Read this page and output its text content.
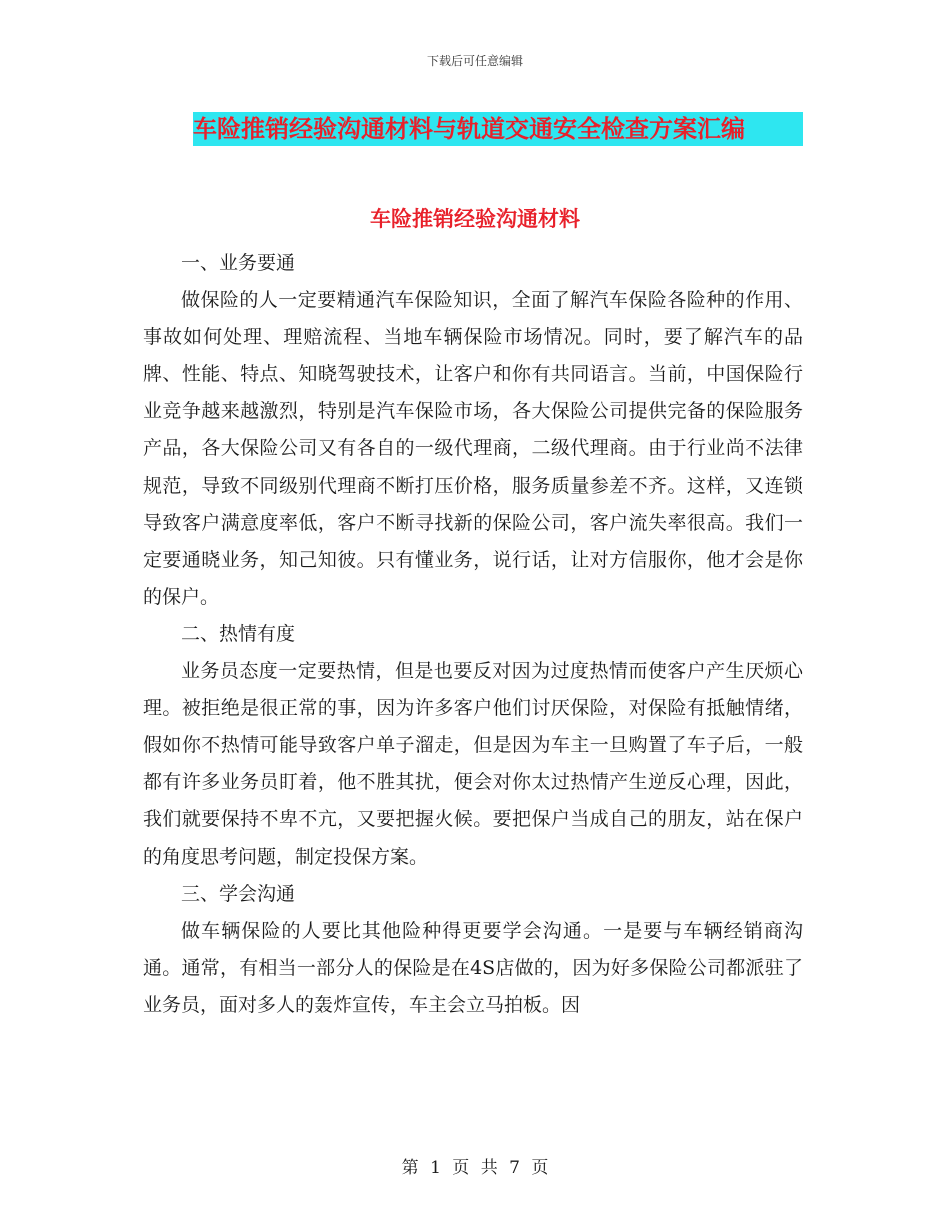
下载后可任意编辑
车险推销经验沟通材料与轨道交通安全检查方案汇编
车险推销经验沟通材料

一、业务要通

做保险的人一定要精通汽车保险知识，全面了解汽车保险各险种的作用、事故如何处理、理赔流程、当地车辆保险市场情况。同时，要了解汽车的品牌、性能、特点、知晓驾驶技术，让客户和你有共同语言。当前，中国保险行业竞争越来越激烈，特别是汽车保险市场，各大保险公司提供完备的保险服务产品，各大保险公司又有各自的一级代理商，二级代理商。由于行业尚不法律规范，导致不同级别代理商不断打压价格，服务质量参差不齐。这样，又连锁导致客户满意度率低，客户不断寻找新的保险公司，客户流失率很高。我们一定要通晓业务，知己知彼。只有懂业务，说行话，让对方信服你，他才会是你的保户。

二、热情有度

业务员态度一定要热情，但是也要反对因为过度热情而使客户产生厌烦心理。被拒绝是很正常的事，因为许多客户他们讨厌保险，对保险有抵触情绪，假如你不热情可能导致客户单子溜走，但是因为车主一旦购置了车子后，一般都有许多业务员盯着，他不胜其扰，便会对你太过热情产生逆反心理，因此，我们就要保持不卑不亢，又要把握火候。要把保户当成自己的朋友，站在保户的角度思考问题，制定投保方案。

三、学会沟通

做车辆保险的人要比其他险种得更要学会沟通。一是要与车辆经销商沟通。通常，有相当一部分人的保险是在4S店做的，因为好多保险公司都派驻了业务员，面对多人的轰炸宣传，车主会立马拍板。因

第 1 页 共 7 页
